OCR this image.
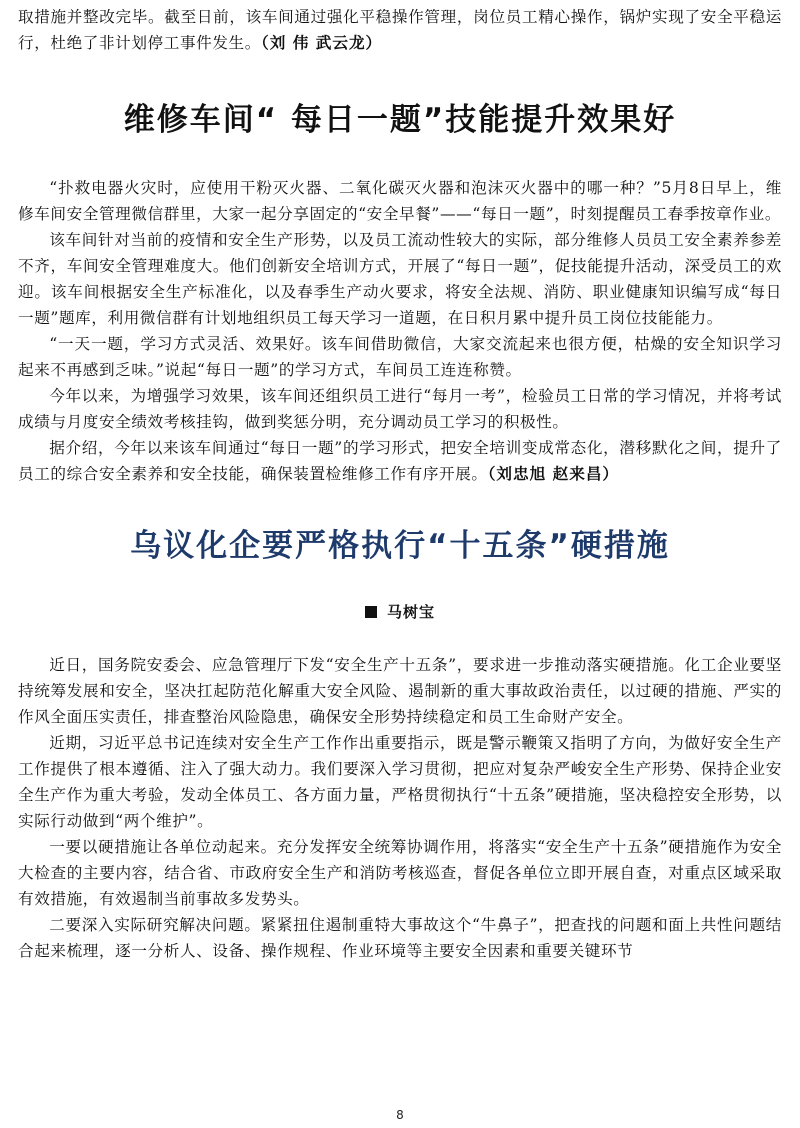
取措施并整改完毕。截至日前，该车间通过强化平稳操作管理，岗位员工精心操作，锅炉实现了安全平稳运行，杜绝了非计划停工事件发生。（刘 伟 武云龙）

维修车间“ 每日一题”技能提升效果好

“扑救电器火灾时，应使用干粉灭火器、二氧化碳灭火器和泡沫灭火器中的哪一种？”5月8日早上，维修车间安全管理微信群里，大家一起分享固定的“安全早餐”——“每日一题”，时刻提醒员工春季按章作业。

该车间针对当前的疫情和安全生产形势，以及员工流动性较大的实际，部分维修人员员工安全素养参差不齐，车间安全管理难度大。他们创新安全培训方式，开展了“每日一题”，促技能提升活动，深受员工的欢迎。该车间根据安全生产标准化，以及春季生产动火要求，将安全法规、消防、职业健康知识编写成“每日一题”题库，利用微信群有计划地组织员工每天学习一道题，在日积月累中提升员工岗位技能能力。

“一天一题，学习方式灵活、效果好。该车间借助微信，大家交流起来也很方便，枯燥的安全知识学习起来不再感到乏味。”说起“每日一题”的学习方式，车间员工连连称赞。

今年以来，为增强学习效果，该车间还组织员工进行“每月一考”，检验员工日常的学习情况，并将考试成绩与月度安全绩效考核挂钩，做到奖惩分明，充分调动员工学习的积极性。

据介绍，今年以来该车间通过“每日一题”的学习形式，把安全培训变成常态化，潜移默化之间，提升了员工的综合安全素养和安全技能，确保装置检维修工作有序开展。（刘忠旭 赵来昌）

乌议化企要严格执行“十五条”硬措施
马树宝

近日，国务院安委会、应急管理厅下发“安全生产十五条”，要求进一步推动落实硬措施。化工企业要坚持统筹发展和安全，坚决扛起防范化解重大安全风险、遏制新的重大事故政治责任，以过硬的措施、严实的作风全面压实责任，排查整治风险隐患，确保安全形势持续稳定和员工生命财产安全。

近期，习近平总书记连续对安全生产工作作出重要指示，既是警示鞭策又指明了方向，为做好安全生产工作提供了根本遵循、注入了强大动力。我们要深入学习贯彻，把应对复杂严峻安全生产形势、保持企业安全生产作为重大考验，发动全体员工、各方面力量，严格贯彻执行“十五条”硬措施，坚决稳控安全形势，以实际行动做到“两个维护”。

一要以硬措施让各单位动起来。充分发挥安全统筹协调作用，将落实“安全生产十五条”硬措施作为安全大检查的主要内容，结合省、市政府安全生产和消防考核巡查，督促各单位立即开展自查，对重点区域采取有效措施，有效遏制当前事故多发势头。

二要深入实际研究解决问题。紧紧扭住遏制重特大事故这个“牛鼻子”，把查找的问题和面上共性问题结合起来梳理，逐一分析人、设备、操作规程、作业环境等主要安全因素和重要关键环节

8
